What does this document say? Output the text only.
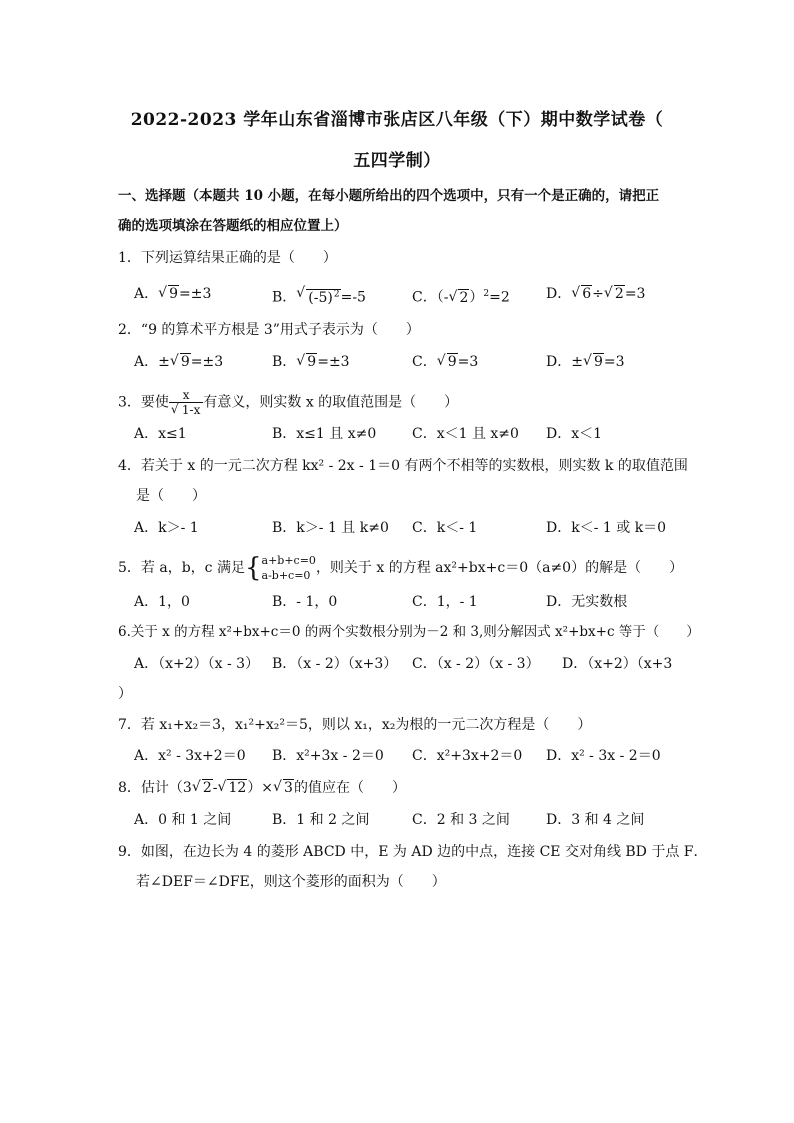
2022-2023 学年山东省淄博市张店区八年级（下）期中数学试卷（
五四学制）
一、选择题（本题共 10 小题，在每小题所给出的四个选项中，只有一个是正确的，请把正
确的选项填涂在答题纸的相应位置上）
1．下列运算结果正确的是（　　）
A． √ 9=±3	B． √ $(-5)^2=-5$	C．（- √ 2）$^2$=2	D． √ 6÷ √ 2=3
2．“9 的算术平方根是 3”用式子表示为（　　）
A．± √ 9=±3	B． √ 9=±3	C． √ 9=3	D．± √ 9=3
3．要使 x
√ 1-x 有意义，则实数 x 的取值范围是（　　）
A．x≤1	B．x≤1 且 x≠0	C．x＜1 且 x≠0 D．x＜1
4．若关于 x 的一元二次方程 kx² - 2x - 1＝0 有两个不相等的实数根，则实数 k 的取值范围
是（　　）
A．k＞- 1	B．k＞- 1 且 k≠0 C．k＜- 1	D．k＜- 1 或 k＝0
5．若 a，b，c 满足{ a+b+c=0
a-b+c=0 ，则关于 x 的方程 ax²+bx+c＝0（a≠0）的解是（　　）
A．1，0	B．- 1，0	C．1，- 1	D．无实数根
6.关于 x 的方程 x²+bx+c＝0 的两个实数根分别为－2 和 3,则分解因式 x²+bx+c 等于（　　）
A．（x+2）（x - 3） B．（x - 2）（x+3） C．（x - 2）（x - 3） D．（x+2）（x+3
）
7．若 x₁+x₂＝3，x₁²+x₂²＝5，则以 x₁，x₂为根的一元二次方程是（　　）
A．x² - 3x+2＝0 B．x²+3x - 2＝0 C．x²+3x+2＝0 D．x² - 3x - 2＝0
8．估计（3 √ 2- √ 12）× √ 3的值应在（　　）
A．0 和 1 之间	B．1 和 2 之间	C．2 和 3 之间	D．3 和 4 之间
9．如图，在边长为 4 的菱形 ABCD 中，E 为 AD 边的中点，连接 CE 交对角线 BD 于点 F．
若∠DEF＝∠DFE，则这个菱形的面积为（　　）
